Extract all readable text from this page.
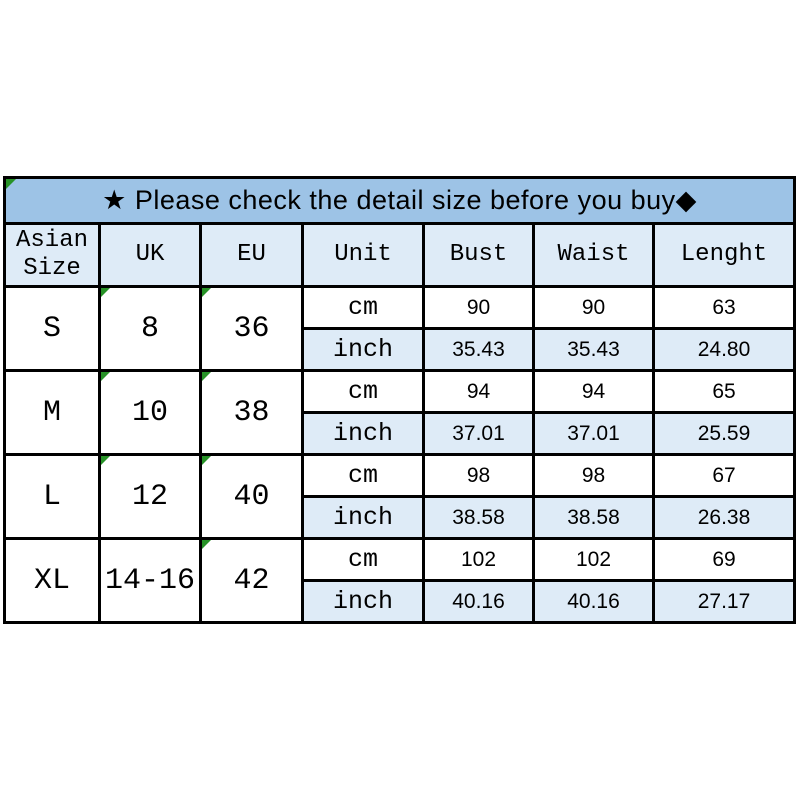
★ Please check the detail size before you buy◆						
Asian Size	UK	EU	Unit	Bust	Waist	Lenght
S	8	36	cm	90	90	63
			inch	35.43	35.43	24.80
M	10	38	cm	94	94	65
			inch	37.01	37.01	25.59
L	12	40	cm	98	98	67
			inch	38.58	38.58	26.38
XL	14-16	42	cm	102	102	69
			inch	40.16	40.16	27.17
